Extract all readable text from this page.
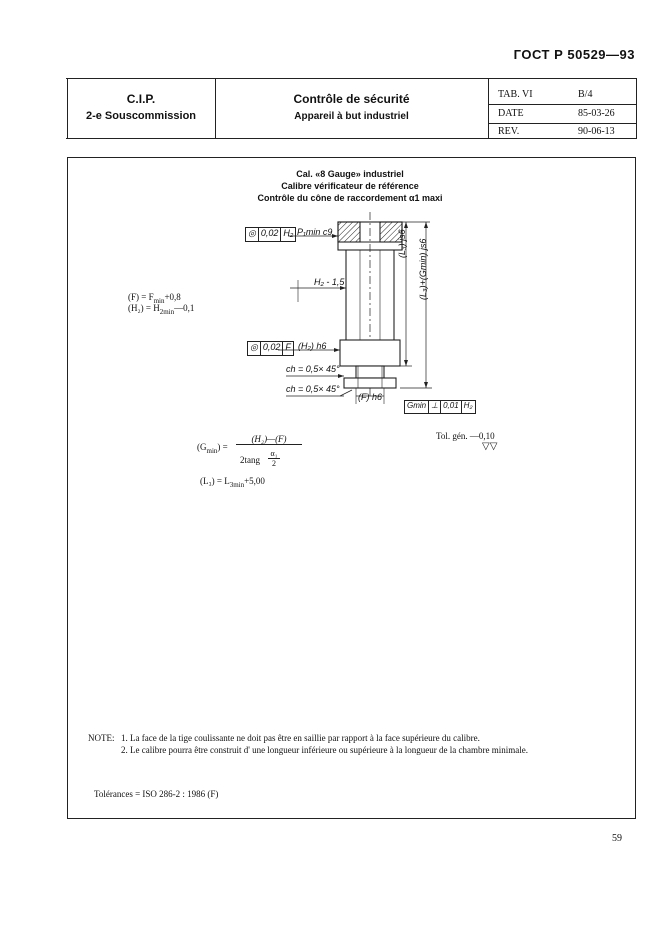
ГОСТ Р 50529—93
C.I.P.
2-e Souscommission
Contrôle de sécurité
Appareil à but industriel
TAB. VI	B/4
DATE	85-03-26
REV.	90-06-13
Cal. «8 Gauge» industriel
Calibre vérificateur de référence
Contrôle du cône de raccordement α1 maxi
$(F) = F_{min}+0,8$
$(H_2) = H_{2min}—0,1$
◎ 0,02 H₂ P₁min c9
H₂ - 1,5
(L₃) js6 (L₃)+(Gmin) js6
◎ 0,02 F (H₂) h6
ch = 0,5× 45°
ch = 0,5× 45°
(F) h6
Gmin ⊥ 0,01 H₂
$(G_{min})$ =
(H₂)—(F)
2tang
α₁
2
$(L_3) = L_{3min}+5,00$
Tol. gén. —0,10
▽▽
NOTE: 1. La face de la tige coulissante ne doit pas être en saillie par rapport à la face supérieure du calibre.
2. Le calibre pourra être construit d' une longueur inférieure ou supérieure à la longueur de la chambre minimale.
Tolérances = ISO 286-2 : 1986 (F)
59
